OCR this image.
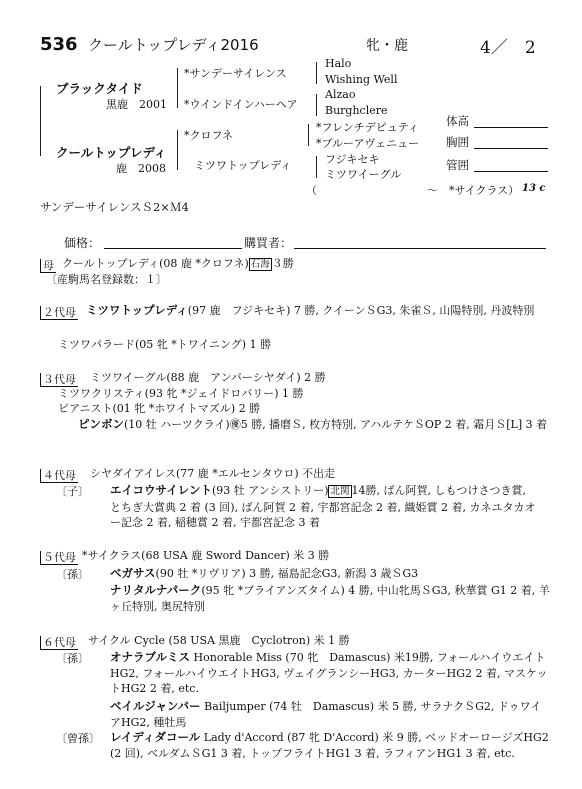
536 クールトップレディ2016	牝・鹿	4／　2
ブラックタイド
黒鹿　2001
クールトップレディ
鹿　2008
*サンデーサイレンス
*ウインドインハーヘア
*クロフネ
ミツワトップレディ
Halo
Wishing Well
Alzao
Burghclere
*フレンチデピュティ
*ブルーアヴェニュー
フジキセキ
ミツワイーグル
（　　　　　　　　　　〜　*サイクラス） 13 c
体高
胸囲
管囲
サンデーサイレンスＳ2×Ｍ4
価格：	購買者：
母 クールトップレディ(08 鹿 *クロフネ) 石海 ３勝
〔産駒馬名登録数：１〕
２代母 ミツワトップレディ(97 鹿　フジキセキ) 7 勝, クイーンＳG3, 朱雀Ｓ, 山陽特別, 丹波特別
ミツワパラード(05 牝 *トワイニング) 1 勝
３代母 ミツワイーグル(88 鹿　アンバーシヤダイ) 2 勝
ミツワクリスティ(93 牝 *ジェイドロバリー) 1 勝
ビアニスト(01 牝 *ホワイトマズル) 2 勝
ピンボン(10 牡 ハーツクライ)㊝5 勝, 播磨Ｓ, 枚方特別, アハルテケＳOP 2 着, 霜月Ｓ[L] 3 着
４代母 シヤダイアイレス(77 鹿 *エルセンタウロ) 不出走
〔子〕 エイコウサイレント(93 牡 アンシストリー) 北関 14勝, ばん阿賀, しもつけさつき賞, とちぎ大賞典 2 着 (3 回), ばん阿賀 2 着, 宇都宮記念 2 着, 織姫賞 2 着, カネユタカオー記念 2 着, 稲穂賞 2 着, 宇都宮記念 3 着
５代母 *サイクラス(68 USA 鹿 Sword Dancer) 米 3 勝
〔孫〕 ベガサス(90 牡 *リヴリア) 3 勝, 福島記念G3, 新潟 3 歳ＳG3
ナリタルナパーク(95 牝 *ブライアンズタイム) 4 勝, 中山牝馬ＳG3, 秋華賞 G1 2 着, 羊ヶ丘特別, 奥尻特別
６代母 サイクル Cycle (58 USA 黒鹿　Cyclotron) 米 1 勝
〔孫〕 オナラブルミス Honorable Miss (70 牝　Damascus) 米19勝, フォールハイウエイトHG2, フォールハイウエイトHG3, ヴェイグランシーHG3, カーターHG2 2 着, マスケットHG2 2 着, etc.
ベイルジャンバー Bailjumper (74 牡　Damascus) 米 5 勝, サラナクＳG2, ドゥワイアHG2, 種牡馬
〔曾孫〕 レイディダコール Lady d'Accord (87 牝 D'Accord) 米 9 勝, ベッドオーロージズHG2 (2 回), ベルダムＳG1 3 着, トップフライトHG1 3 着, ラフィアンHG1 3 着, etc.
